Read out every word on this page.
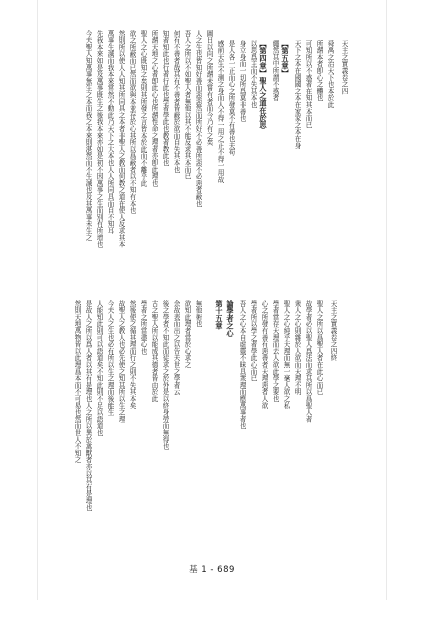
今夫聖人知萬事無生之本而我之本來則湛然而不生滅也及其萬事未生之 先我本來如是及萬事既生之後我本來亦如是初不因萬事之生而別有所增也 萬事生滅而我本來常然不動此乃天下之大本也人人所同具而自不知耳 然則所以使人人知其所同具之本者非聖人之教而何教之道在使人反求其本 欲之所蔽而已然而欲與本並存於心其所以爲蔽者以不知有本也 聖人之心既知之矣則其所發之言皆本於此而不離乎此 所謂天地之心者卽此心也所謂性命之理者亦卽此理也 知者知此也行者行此也學者學此也教者教此也 何有不善者哉其有不善者皆蔽於欲而自失其本也 吾人之所以不如聖人者無他以其不能反求其本而已 人之生也皆知好善而惡惡然而所好不必善所惡不必惡者蔽也 圖日以向之所謂未嘗有者而今乃有之矣 感前天生不測之身而人不得一用之正不得一用故 是人各一正而心之所發莫不有善也夫苟 身立身而一切所爲莫非善也 以思爲主而不失其本也 【第四章】聖人之道在於思 繩然其中所謂不惑者 【第五章】 天下之本在國國之本在家家之本在身 可知所以不惑者在知其本而已 所謂本者卽心之體也 舜禹之治天下也本於此 天主之實義卷之四
然則天地萬物皆以此理爲本而不可易也然而世人不知之 是故人之所以爲人者以其有是理也人之所以異於禽獸者亦以其有是理也 人能知此則可以語道矣不知此則不足以語道也 今夫人之生也必有所以生之理而後能生 故聖人之教人也必先使之知其所以生之理 然後使之循其理而行之則不失其本矣 學者之所當盡心也 古之聖人所以能成其德者皆由於此 後之學者不知此而徒求之於外是以終身勞而無得也 余故表而出之以告夫世之學者云 欲知此理者當於心求之 無他術也 第十五章 論學者之心 吾人之心本自虛靈不昧具衆理而應萬事者也 學者所以學之者學此心而已 心之所發有善有惡善者天理惡者人欲 學者當存天理而去人欲此學之要也 聖人之心純乎天理而無一毫人欲之私 衆人之心則雜於人欲而天理不明 故學者必以聖人爲法而求其所以爲聖人者 聖人之所以爲聖人者在此心而已 天主之實義卷之四終
基 1 - 689
